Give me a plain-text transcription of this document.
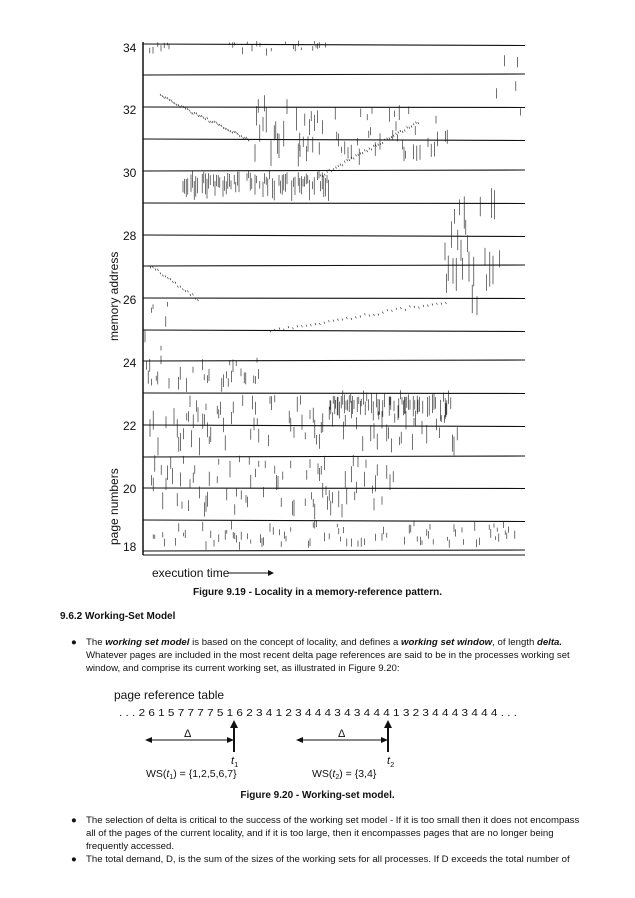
34
32
30
28
26
24
22
20
18
memory address
page numbers
execution time
Figure 9.19 - Locality in a memory-reference pattern.
9.6.2 Working-Set Model
● The working set model is based on the concept of locality, and defines a working set window, of length delta. Whatever pages are included in the most recent delta page references are said to be in the processes working set window, and comprise its current working set, as illustrated in Figure 9.20:
page reference table
. . . 2 6 1 5 7 7 7 7 5 1 6 2 3 4 1 2 3 4 4 4 3 4 3 4 4 4 1 3 2 3 4 4 4 3 4 4 4 . . .
Δ
$t_1$
Δ
$t_2$
WS(t1) = {1,2,5,6,7}	WS(t2) = {3,4}
Figure 9.20 - Working-set model.
● The selection of delta is critical to the success of the working set model - If it is too small then it does not encompass all of the pages of the current locality, and if it is too large, then it encompasses pages that are no longer being frequently accessed.
● The total demand, D, is the sum of the sizes of the working sets for all processes. If D exceeds the total number of
